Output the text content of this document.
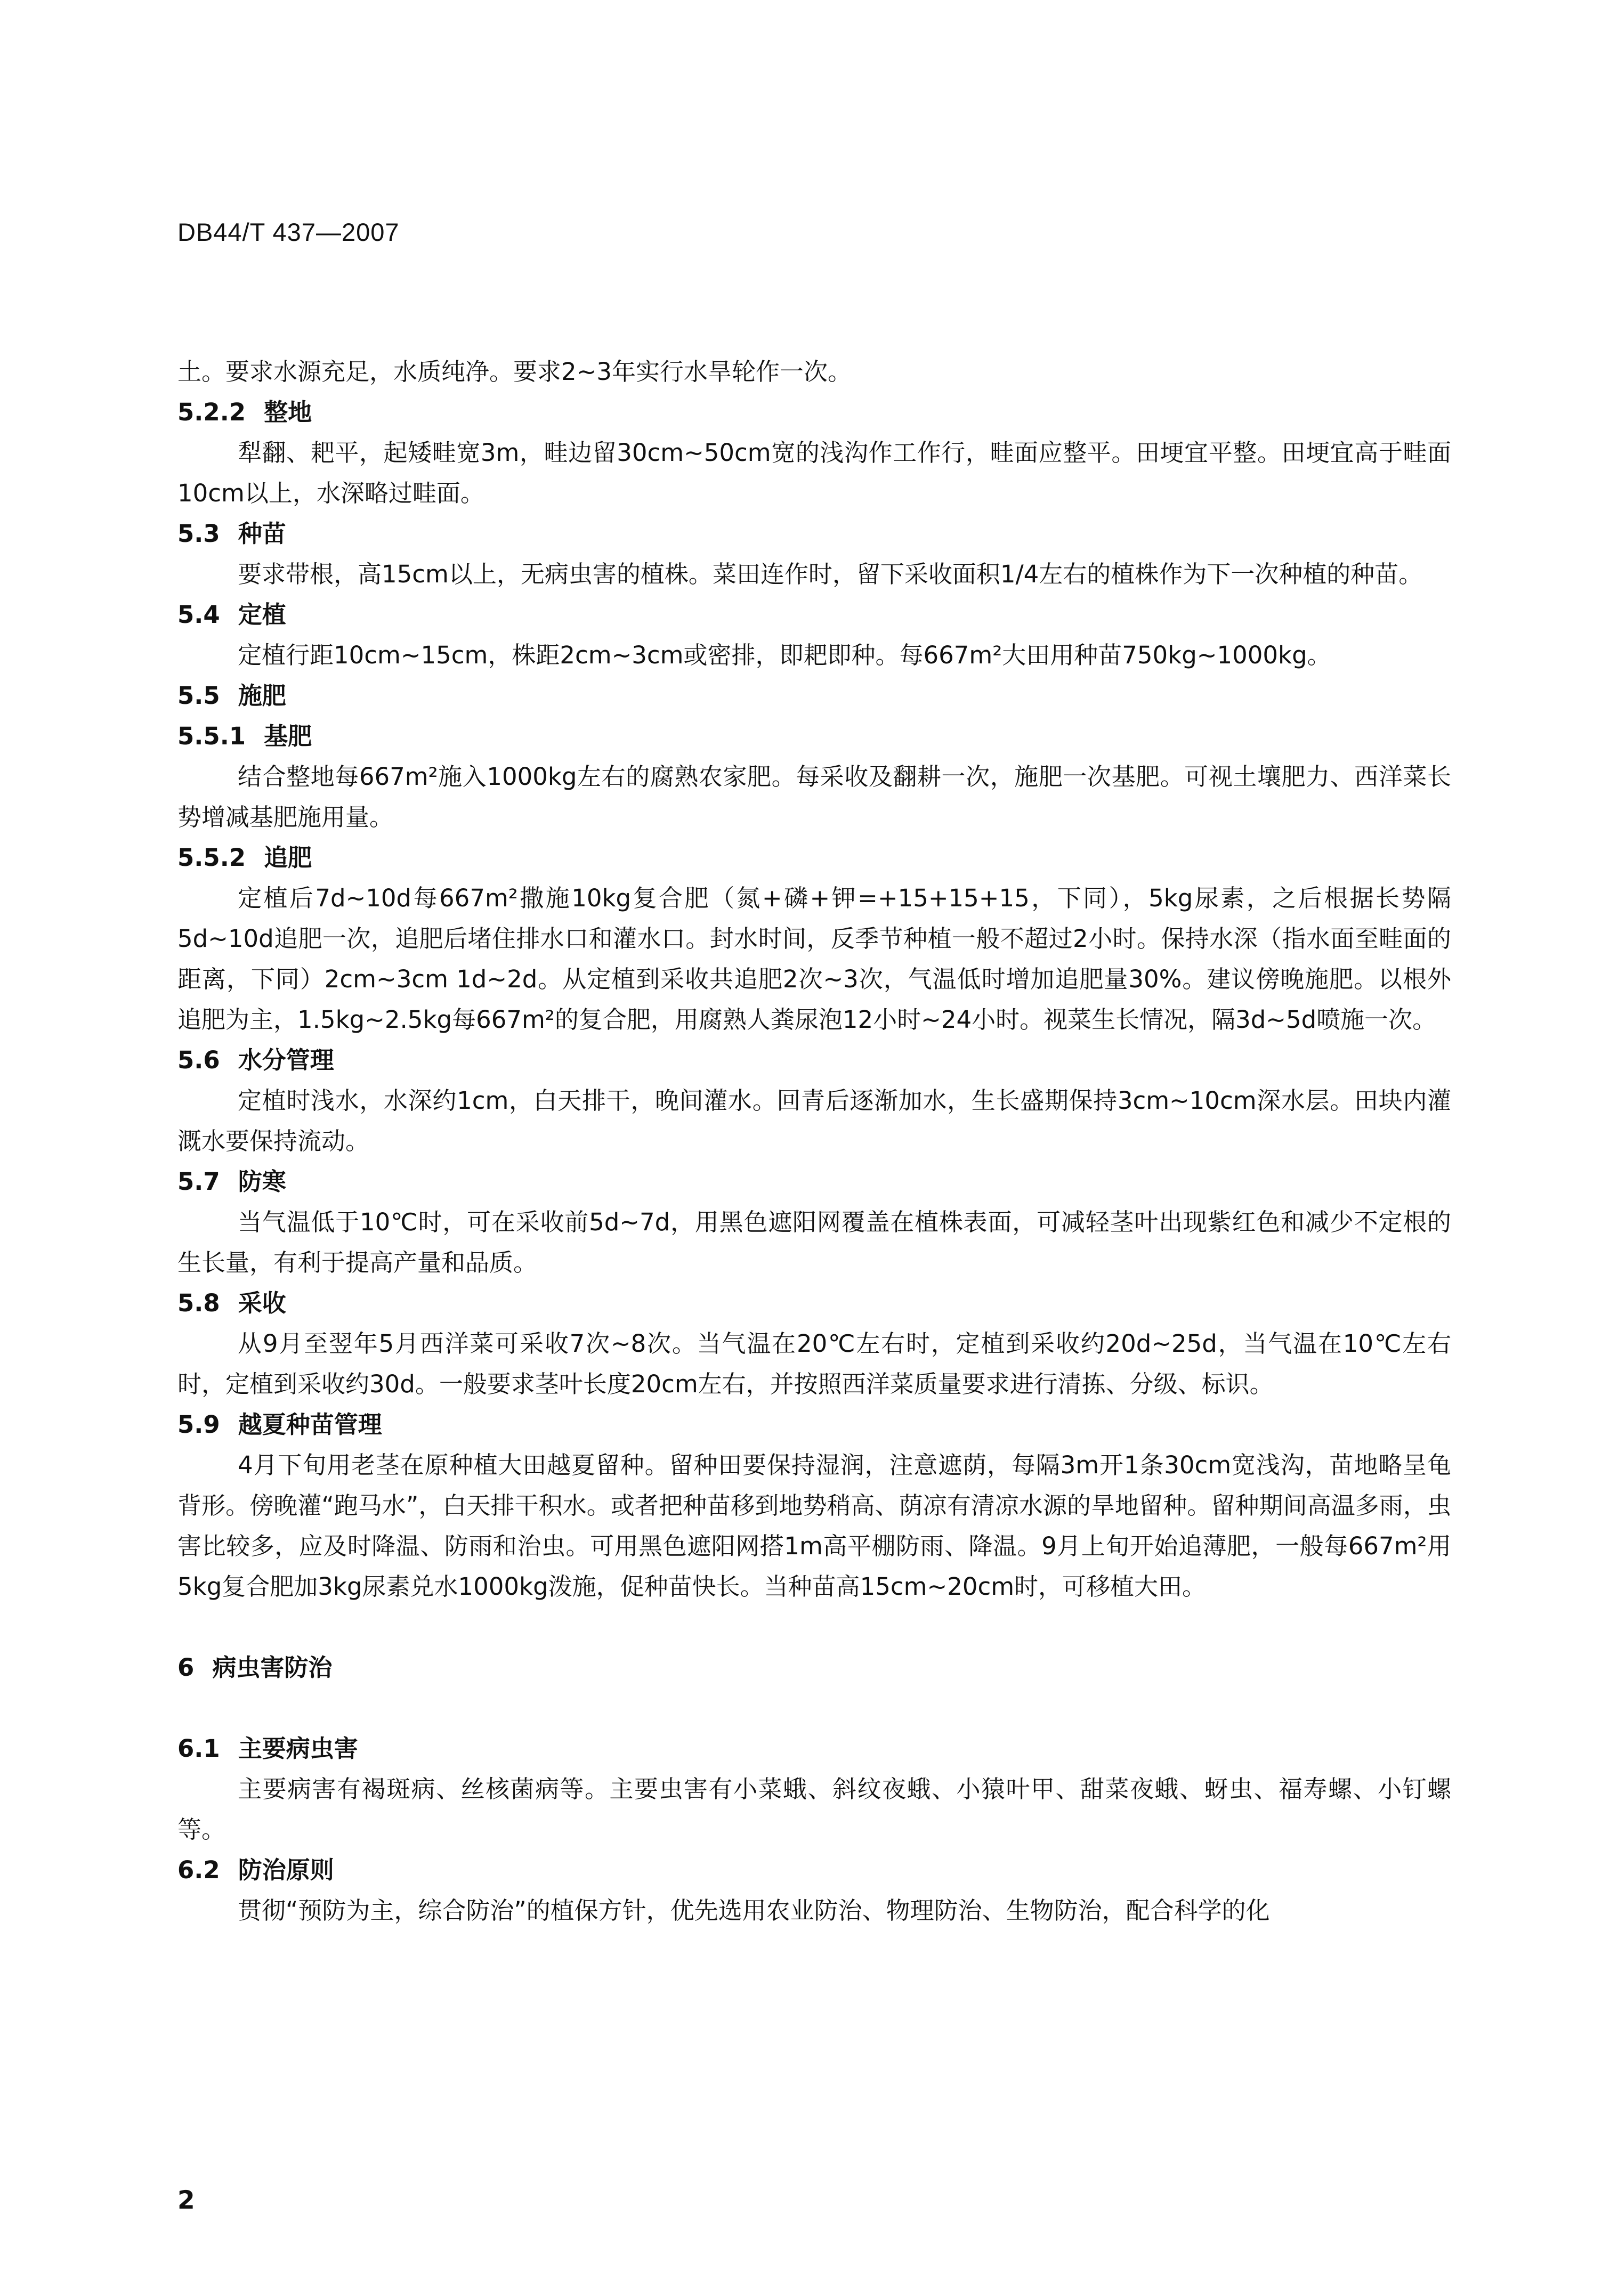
DB44/T 437—2007

土。要求水源充足，水质纯净。要求2~3年实行水旱轮作一次。

5.2.2 整地

犁翻、耙平，起矮畦宽3m，畦边留30cm~50cm宽的浅沟作工作行，畦面应整平。田埂宜平整。田埂宜高于畦面10cm以上，水深略过畦面。

5.3 种苗

要求带根，高15cm以上，无病虫害的植株。菜田连作时，留下采收面积1/4左右的植株作为下一次种植的种苗。

5.4 定植

定植行距10cm~15cm，株距2cm~3cm或密排，即耙即种。每667m²大田用种苗750kg~1000kg。

5.5 施肥

5.5.1 基肥

结合整地每667m²施入1000kg左右的腐熟农家肥。每采收及翻耕一次，施肥一次基肥。可视土壤肥力、西洋菜长势增减基肥施用量。

5.5.2 追肥

定植后7d~10d每667m²撒施10kg复合肥（氮+磷+钾=+15+15+15，下同），5kg尿素，之后根据长势隔5d~10d追肥一次，追肥后堵住排水口和灌水口。封水时间，反季节种植一般不超过2小时。保持水深（指水面至畦面的距离，下同）2cm~3cm 1d~2d。从定植到采收共追肥2次~3次，气温低时增加追肥量30%。建议傍晚施肥。以根外追肥为主，1.5kg~2.5kg每667m²的复合肥，用腐熟人粪尿泡12小时~24小时。视菜生长情况，隔3d~5d喷施一次。

5.6 水分管理

定植时浅水，水深约1cm，白天排干，晚间灌水。回青后逐渐加水，生长盛期保持3cm~10cm深水层。田块内灌溉水要保持流动。

5.7 防寒

当气温低于10℃时，可在采收前5d~7d，用黑色遮阳网覆盖在植株表面，可减轻茎叶出现紫红色和减少不定根的生长量，有利于提高产量和品质。

5.8 采收

从9月至翌年5月西洋菜可采收7次~8次。当气温在20℃左右时，定植到采收约20d~25d，当气温在10℃左右时，定植到采收约30d。一般要求茎叶长度20cm左右，并按照西洋菜质量要求进行清拣、分级、标识。

5.9 越夏种苗管理

4月下旬用老茎在原种植大田越夏留种。留种田要保持湿润，注意遮荫，每隔3m开1条30cm宽浅沟，苗地略呈龟背形。傍晚灌“跑马水”，白天排干积水。或者把种苗移到地势稍高、荫凉有清凉水源的旱地留种。留种期间高温多雨，虫害比较多，应及时降温、防雨和治虫。可用黑色遮阳网搭1m高平棚防雨、降温。9月上旬开始追薄肥，一般每667m²用5kg复合肥加3kg尿素兑水1000kg泼施，促种苗快长。当种苗高15cm~20cm时，可移植大田。

6 病虫害防治

6.1 主要病虫害

主要病害有褐斑病、丝核菌病等。主要虫害有小菜蛾、斜纹夜蛾、小猿叶甲、甜菜夜蛾、蚜虫、福寿螺、小钉螺等。

6.2 防治原则

贯彻“预防为主，综合防治”的植保方针，优先选用农业防治、物理防治、生物防治，配合科学的化

2
